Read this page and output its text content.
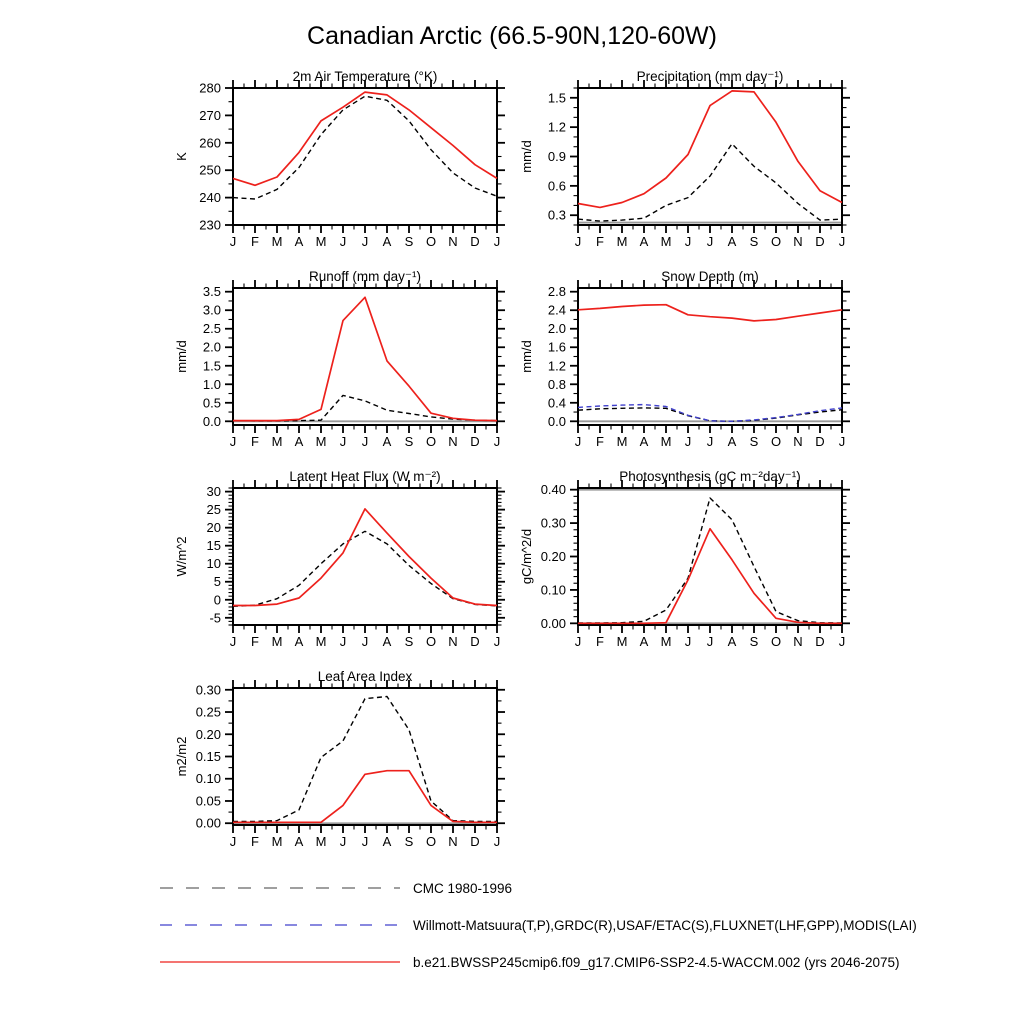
Canadian Arctic (66.5-90N,120-60W)
230
240
250
260
270
280
J F M A M J J A S O N D J
2m Air Temperature (°K)
K
0.3
0.6
0.9
1.2
1.5
J F M A M J J A S O N D J
Precipitation (mm day⁻¹)
mm/d
0.0
0.5
1.0
1.5
2.0
2.5
3.0
3.5
J F M A M J J A S O N D J
Runoff (mm day⁻¹)
mm/d
0.0
0.4
0.8
1.2
1.6
2.0
2.4
2.8
J F M A M J J A S O N D J
Snow Depth (m)
mm/d
-5
0
5
10
15
20
25
30
J F M A M J J A S O N D J
Latent Heat Flux (W m⁻²)
W/m^2
0.00
0.10
0.20
0.30
0.40
J F M A M J J A S O N D J
Photosynthesis (gC m⁻²day⁻¹)
gC/m^2/d
0.00
0.05
0.10
0.15
0.20
0.25
0.30
J F M A M J J A S O N D J
Leaf Area Index
m2/m2
CMC 1980-1996
Willmott-Matsuura(T,P),GRDC(R),USAF/ETAC(S),FLUXNET(LHF,GPP),MODIS(LAI)
b.e21.BWSSP245cmip6.f09_g17.CMIP6-SSP2-4.5-WACCM.002 (yrs 2046-2075)
